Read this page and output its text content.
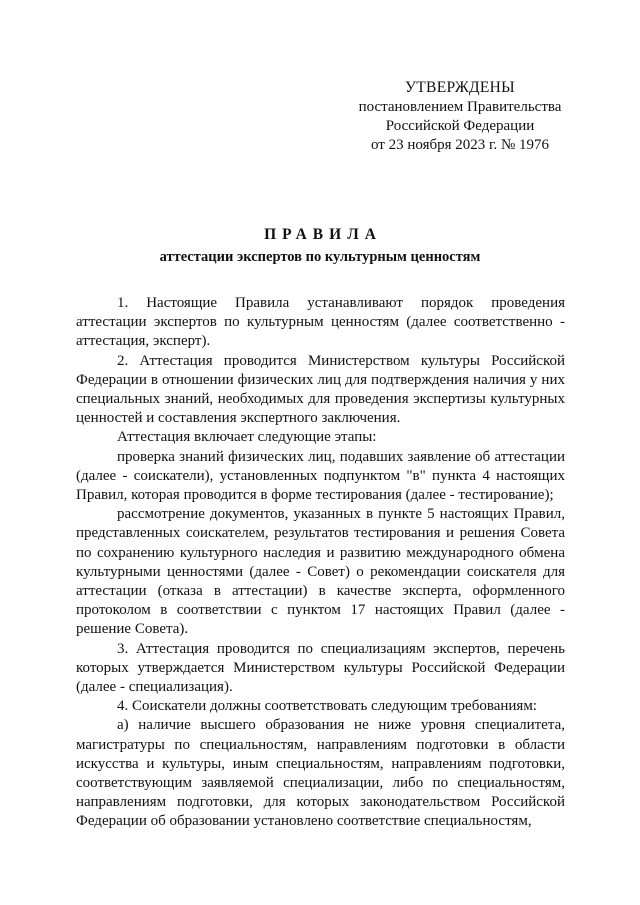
УТВЕРЖДЕНЫ
постановлением Правительства
Российской Федерации
от 23 ноября 2023 г. № 1976
ПРАВИЛА
аттестации экспертов по культурным ценностям

1. Настоящие Правила устанавливают порядок проведения аттестации экспертов по культурным ценностям (далее соответственно - аттестация, эксперт).

2. Аттестация проводится Министерством культуры Российской Федерации в отношении физических лиц для подтверждения наличия у них специальных знаний, необходимых для проведения экспертизы культурных ценностей и составления экспертного заключения.

Аттестация включает следующие этапы:

проверка знаний физических лиц, подавших заявление об аттестации (далее - соискатели), установленных подпунктом "в" пункта 4 настоящих Правил, которая проводится в форме тестирования (далее - тестирование);

рассмотрение документов, указанных в пункте 5 настоящих Правил, представленных соискателем, результатов тестирования и решения Совета по сохранению культурного наследия и развитию международного обмена культурными ценностями (далее - Совет) о рекомендации соискателя для аттестации (отказа в аттестации) в качестве эксперта, оформленного протоколом в соответствии с пунктом 17 настоящих Правил (далее - решение Совета).

3. Аттестация проводится по специализациям экспертов, перечень которых утверждается Министерством культуры Российской Федерации (далее - специализация).

4. Соискатели должны соответствовать следующим требованиям:

а) наличие высшего образования не ниже уровня специалитета, магистратуры по специальностям, направлениям подготовки в области искусства и культуры, иным специальностям, направлениям подготовки, соответствующим заявляемой специализации, либо по специальностям, направлениям подготовки, для которых законодательством Российской Федерации об образовании установлено соответствие специальностям,
